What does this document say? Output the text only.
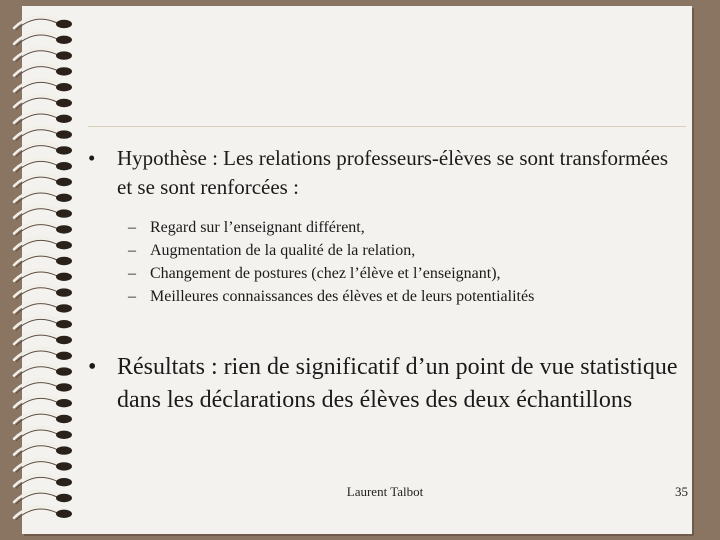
• Hypothèse : Les relations professeurs-élèves se sont transformées et se sont renforcées :
– Regard sur l’enseignant différent,
– Augmentation de la qualité de la relation,
– Changement de postures (chez l’élève et l’enseignant),
– Meilleures connaissances des élèves et de leurs potentialités
• Résultats : rien de significatif d’un point de vue statistique dans les déclarations des élèves des deux échantillons
Laurent Talbot	35
